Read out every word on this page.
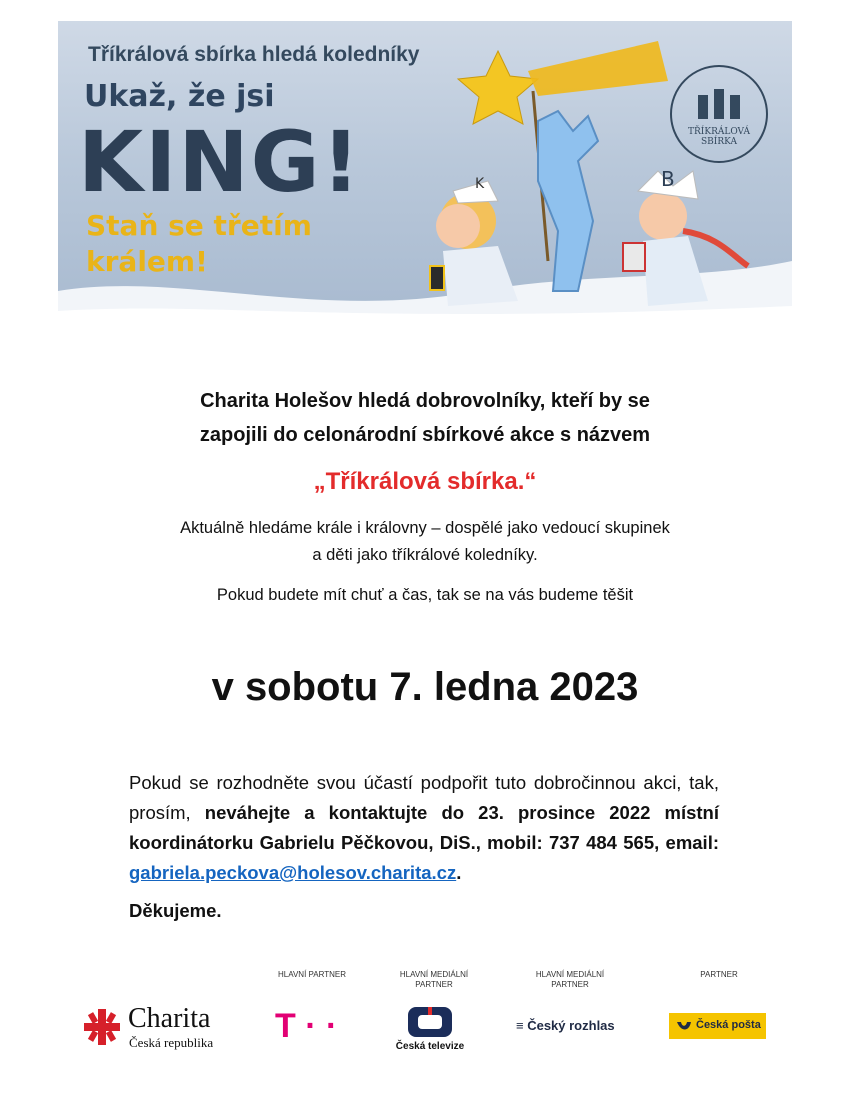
Tříkrálová sbírka hledá koledníky
Ukaž, že jsi
KING!
Staň se třetím
králem!
K	B
TŘÍKRÁLOVÁ SBÍRKA
Charita Holešov hledá dobrovolníky, kteří by se
zapojili do celonárodní sbírkové akce s názvem
„Tříkrálová sbírka.“
Aktuálně hledáme krále i královny – dospělé jako vedoucí skupinek
a děti jako tříkrálové koledníky.
Pokud budete mít chuť a čas, tak se na vás budeme těšit
v sobotu 7. ledna 2023
Pokud se rozhodněte svou účastí podpořit tuto dobročinnou akci, tak, prosím, neváhejte a kontaktujte do 23. prosince 2022 místní koordinátorku Gabrielu Pěčkovou, DiS., mobil: 737 484 565, email: gabriela.peckova@holesov.charita.cz.
Děkujeme.
HLAVNÍ PARTNER	HLAVNÍ MEDIÁLNÍ PARTNER
HLAVNÍ MEDIÁLNÍ PARTNER
PARTNER
Charita
Česká republika T · ·
Česká televize
≡ Český rozhlas	Česká pošta
